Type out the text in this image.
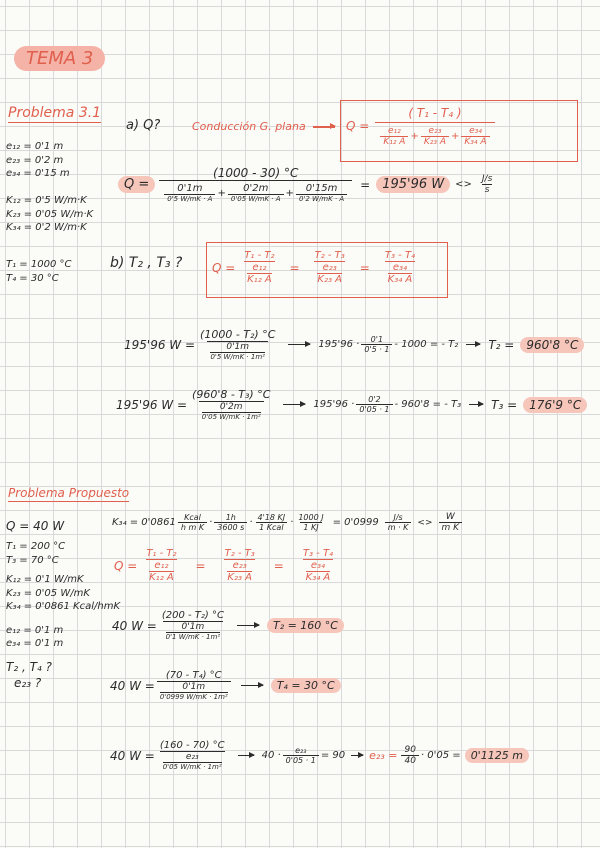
TEMA 3
Problema 3.1
e₁₂ = 0'1 m
e₂₃ = 0'2 m
e₃₄ = 0'15 m
K₁₂ = 0'5 W/m·K
K₂₃ = 0'05 W/m·K
K₃₄ = 0'2 W/m·K
T₁ = 1000 °C
T₄ = 30 °C
a) Q?	Conducción G. plana	$Q = \frac{\text{( T₁ - T₄ )}}{\frac{\text{e₁₂}}{\text{K₁₂ A}} + \frac{\text{e₂₃}}{\text{K₂₃ A}} + \frac{\text{e₃₄}}{\text{K₃₄ A}}}$
Q =
(1000 - 30) °C
$\frac{0'1m}{0'5 W/mK \cdot A} + \frac{0'2m}{0'05 W/mK \cdot A} + \frac{0'15m}{0'2 W/mK \cdot A} = 195'96$ W	<> $\frac{J/s}{s}$
b) T₂ , T₃ ? Q = T₁ - T₂
e₁₂
K₁₂ A = T₂ - T₃
e₂₃
K₂₃ A = T₃ - T₄
e₃₄
K₃₄ A
195'96 W = (1000 - T₂) °C
0'1m
0'5 W/mK · 1m²	$195'96 \cdot \frac{0'1}{0'5 \cdot 1} - 1000$ = - T₂	T₂ =	960'8 °C
195'96 W = (960'8 - T₃) °C
0'2m
0'05 W/mK · 1m²	$195'96 \cdot \frac{0'2}{0'05 \cdot 1} - 960'8$ = - T₃	T₃ =	176'9 °C
Problema Propuesto
Q = 40 W
T₁ = 200 °C
T₃ = 70 °C
K₁₂ = 0'1 W/mK
K₂₃ = 0'05 W/mK
K₃₄ = 0'0861 Kcal/hmK
e₁₂ = 0'1 m
e₃₄ = 0'1 m
T₂ , T₄ ?
e₂₃ ?
$K_{34} = 0'0861 \frac{\text{Kcal}}{\text{h m K}} \cdot \frac{1h}{3600 s} \cdot \frac{4'18 KJ}{\text{1 Kcal}} \cdot \frac{1000 J}{1 KJ} = 0'0999 \frac{J/s}{m \cdot K} <> \frac{W}{\text{m K}}$
Q = T₁ - T₂
e₁₂
K₁₂ A = T₂ - T₃
e₂₃
K₂₃ A = T₃ - T₄
e₃₄
K₃₄ A
40 W = (200 - T₂) °C
0'1m
0'1 W/mK · 1m²	T₂ = 160 °C
40 W = (70 - T₄) °C
0'1m
0'0999 W/mK · 1m²	T₄ = 30 °C
40 W = (160 - 70) °C
e₂₃
0'05 W/mK · 1m²	$40 \cdot \frac{\text{e₂₃}}{0'05 \cdot 1} = 90$ $e_{23} = \frac{90}{40} \cdot 0'05 = 0'1125$ m
